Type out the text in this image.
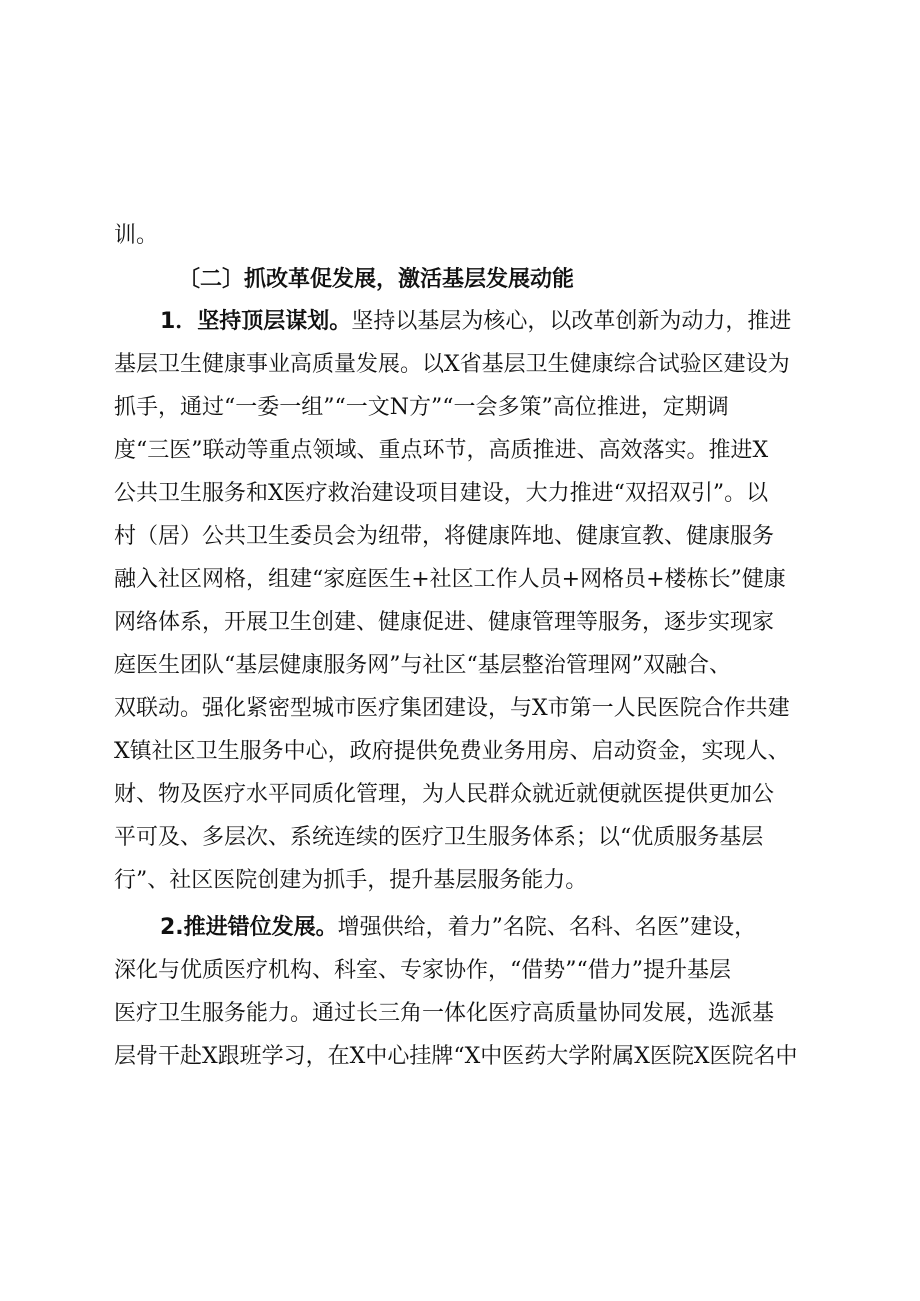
训。
〔二〕抓改革促发展，激活基层发展动能
1．坚持顶层谋划。坚持以基层为核心，以改革创新为动力，推进
基层卫生健康事业高质量发展。以X省基层卫生健康综合试验区建设为
抓手，通过“一委一组”“一文N方”“一会多策”高位推进，定期调
度“三医”联动等重点领域、重点环节，高质推进、高效落实。推进X
公共卫生服务和X医疗救治建设项目建设，大力推进“双招双引”。以
村（居）公共卫生委员会为纽带，将健康阵地、健康宣教、健康服务
融入社区网格，组建“家庭医生+社区工作人员+网格员+楼栋长”健康
网络体系，开展卫生创建、健康促进、健康管理等服务，逐步实现家
庭医生团队“基层健康服务网”与社区“基层整治管理网”双融合、
双联动。强化紧密型城市医疗集团建设，与X市第一人民医院合作共建
X镇社区卫生服务中心，政府提供免费业务用房、启动资金，实现人、
财、物及医疗水平同质化管理，为人民群众就近就便就医提供更加公
平可及、多层次、系统连续的医疗卫生服务体系；以“优质服务基层
行”、社区医院创建为抓手，提升基层服务能力。
2.推进错位发展。增强供给，着力”名院、名科、名医”建设，
深化与优质医疗机构、科室、专家协作，“借势”“借力”提升基层
医疗卫生服务能力。通过长三角一体化医疗高质量协同发展，选派基
层骨干赴X跟班学习，在X中心挂牌“X中医药大学附属X医院X医院名中
